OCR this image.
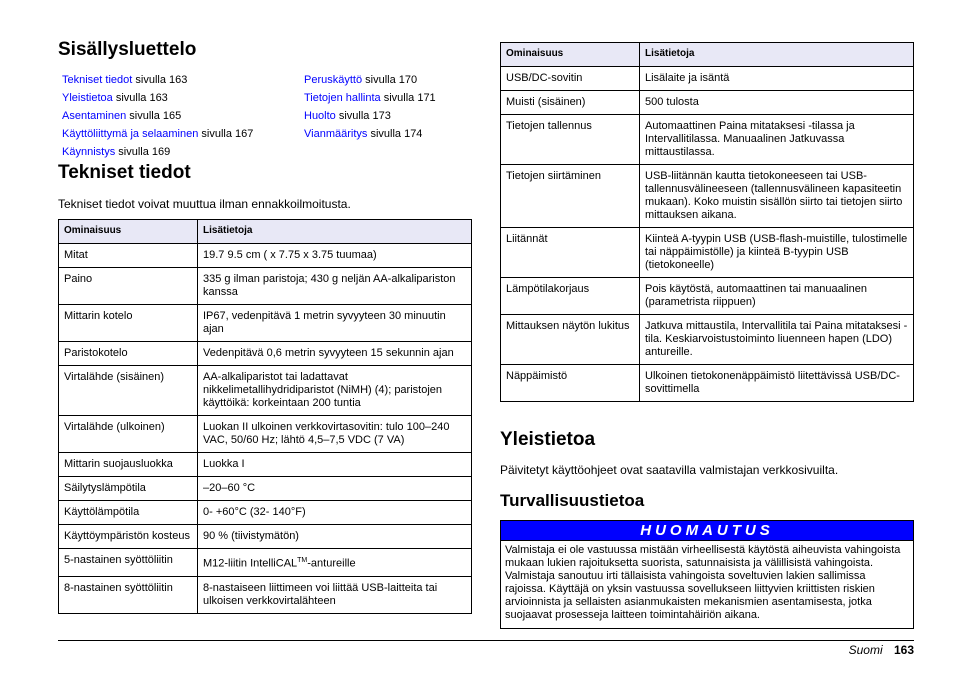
Sisällysluettelo
Tekniset tiedot sivulla 163
Yleistietoa sivulla 163
Asentaminen sivulla 165
Käyttöliittymä ja selaaminen sivulla 167
Käynnistys sivulla 169
Peruskäyttö sivulla 170
Tietojen hallinta sivulla 171
Huolto sivulla 173
Vianmääritys sivulla 174
Tekniset tiedot
Tekniset tiedot voivat muuttua ilman ennakkoilmoitusta.
Ominaisuus	Lisätietoja
Mitat	19.7 9.5 cm ( x 7.75 x 3.75 tuumaa)
Paino	335 g ilman paristoja; 430 g neljän AA-alkalipariston kanssa
Mittarin kotelo	IP67, vedenpitävä 1 metrin syvyyteen 30 minuutin ajan
Paristokotelo	Vedenpitävä 0,6 metrin syvyyteen 15 sekunnin ajan
Virtalähde (sisäinen)	AA-alkaliparistot tai ladattavat nikkelimetallihydridiparistot (NiMH) (4); paristojen käyttöikä: korkeintaan 200 tuntia
Virtalähde (ulkoinen)	Luokan II ulkoinen verkkovirtasovitin: tulo 100–240 VAC, 50/60 Hz; lähtö 4,5–7,5 VDC (7 VA)
Mittarin suojausluokka	Luokka I
Säilytyslämpötila	–20–60 °C
Käyttölämpötila	0- +60°C (32- 140°F)
Käyttöympäristön kosteus	90 % (tiivistymätön)
5-nastainen syöttöliitin	M12-liitin IntelliCAL™-antureille
8-nastainen syöttöliitin	8-nastaiseen liittimeen voi liittää USB-laitteita tai ulkoisen verkkovirtalähteen
Ominaisuus	Lisätietoja
USB/DC-sovitin	Lisälaite ja isäntä
Muisti (sisäinen)	500 tulosta
Tietojen tallennus	Automaattinen Paina mitataksesi -tilassa ja Intervallitilassa. Manuaalinen Jatkuvassa mittaustilassa.
Tietojen siirtäminen	USB-liitännän kautta tietokoneeseen tai USB-tallennusvälineeseen (tallennusvälineen kapasiteetin mukaan). Koko muistin sisällön siirto tai tietojen siirto mittauksen aikana.
Liitännät	Kiinteä A-tyypin USB (USB-flash-muistille, tulostimelle tai näppäimistölle) ja kiinteä B-tyypin USB (tietokoneelle)
Lämpötilakorjaus	Pois käytöstä, automaattinen tai manuaalinen (parametrista riippuen)
Mittauksen näytön lukitus	Jatkuva mittaustila, Intervallitila tai Paina mitataksesi -tila. Keskiarvoistustoiminto liuenneen hapen (LDO) antureille.
Näppäimistö	Ulkoinen tietokonenäppäimistö liitettävissä USB/DC-sovittimella
Yleistietoa
Päivitetyt käyttöohjeet ovat saatavilla valmistajan verkkosivuilta.
Turvallisuustietoa
HUOMAUTUS
Valmistaja ei ole vastuussa mistään virheellisestä käytöstä aiheuvista vahingoista mukaan lukien rajoituksetta suorista, satunnaisista ja välillisistä vahingoista. Valmistaja sanoutuu irti tällaisista vahingoista soveltuvien lakien sallimissa rajoissa. Käyttäjä on yksin vastuussa sovellukseen liittyvien kriittisten riskien arvioinnista ja sellaisten asianmukaisten mekanismien asentamisesta, jotka suojaavat prosesseja laitteen toimintahäiriön aikana.
Suomi 163
